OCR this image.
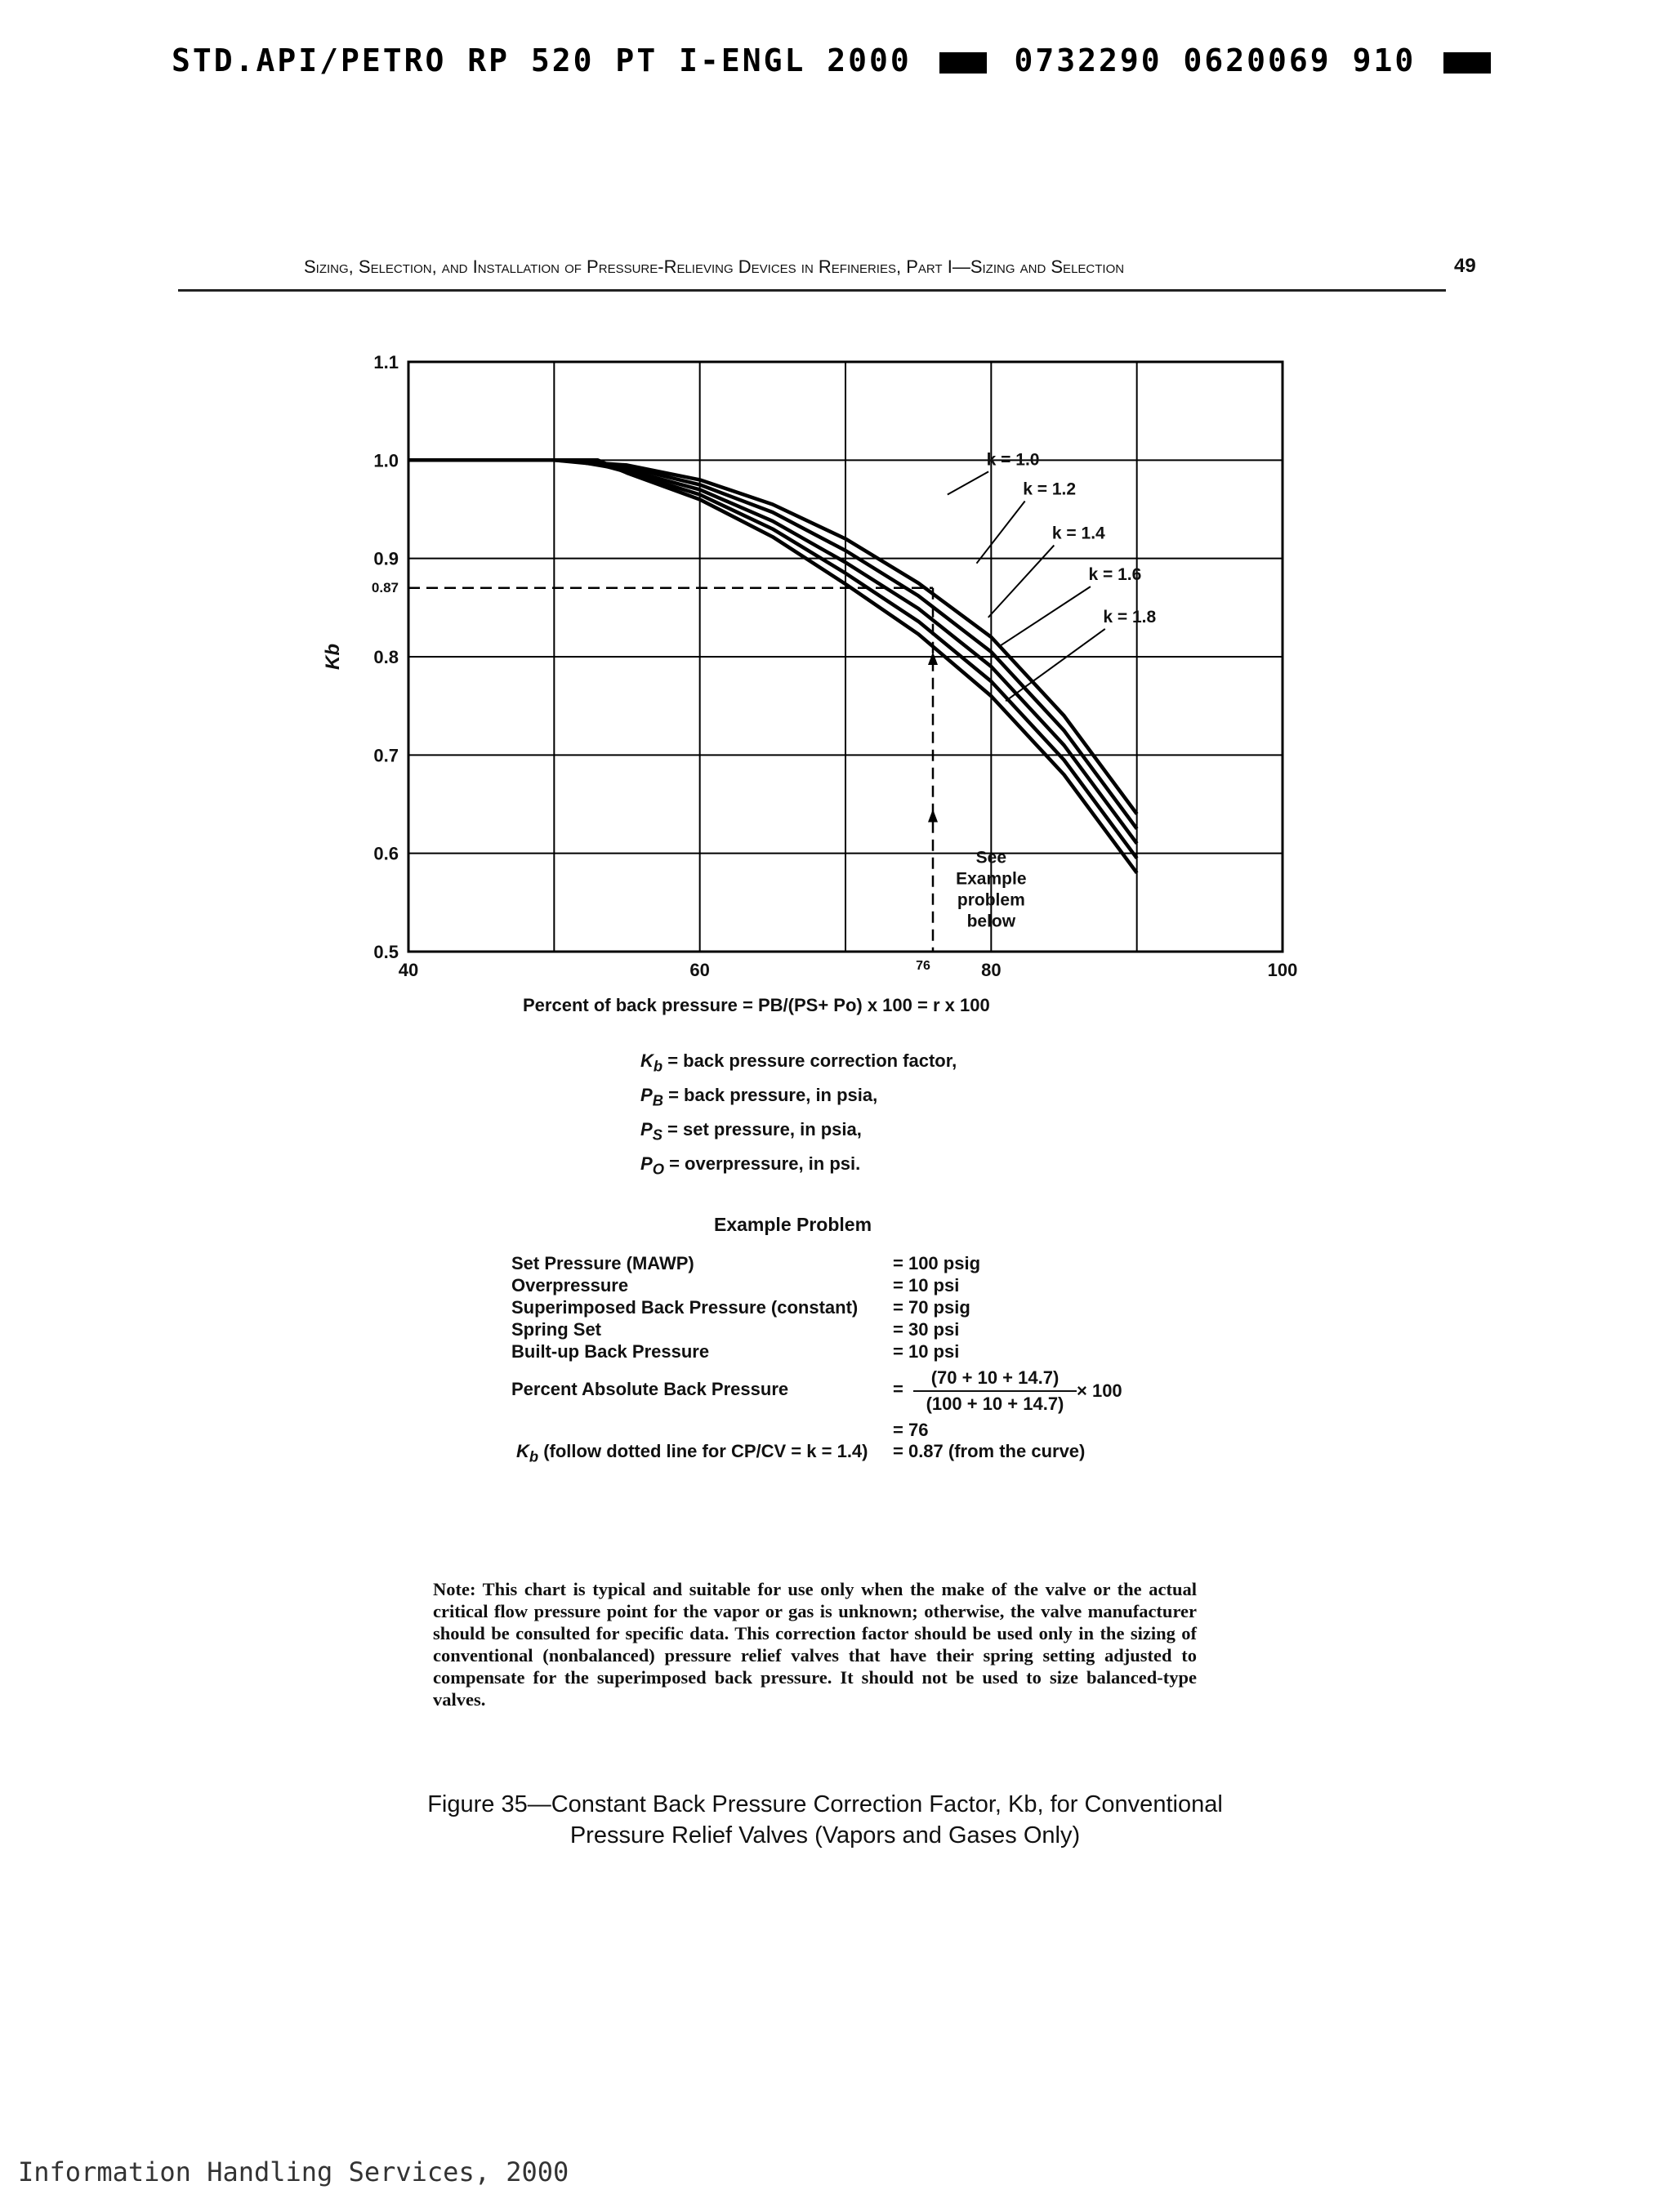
STD.API/PETRO RP 520 PT I-ENGL 2000	0732290 0620069 910
Sizing, Selection, and Installation of Pressure-Relieving Devices in Refineries, Part I—Sizing and Selection	49
0.5
0.6
0.7
0.8
0.87
0.9
1.0
1.1
40	60	76	80	100
Kb
k = 1.0
k = 1.2
k = 1.4
k = 1.6
k = 1.8
See
Example
problem
below
Percent of back pressure = PB/(PS+ Po) x 100 = r x 100
$K_b$ = back pressure correction factor,
$P_B$ = back pressure, in psia,
$P_S$ = set pressure, in psia,
$P_O$ = overpressure, in psi.
Example Problem
Set Pressure (MAWP)	= 100 psig
Overpressure	= 10 psi
Superimposed Back Pressure (constant) = 70 psig
Spring Set	= 30 psi
Built-up Back Pressure	= 10 psi
Percent Absolute Back Pressure	=
(70 + 10 + 14.7)
(100 + 10 + 14.7)
× 100
= 76
$K_b$ (follow dotted line for CP/CV = k = 1.4) = 0.87 (from the curve)
Note: This chart is typical and suitable for use only when the make of the valve or the actual critical flow pressure point for the vapor or gas is unknown; otherwise, the valve manufacturer should be consulted for specific data. This correction factor should be used only in the sizing of conventional (nonbalanced) pressure relief valves that have their spring setting adjusted to compensate for the superimposed back pressure. It should not be used to size balanced-type valves.
Figure 35—Constant Back Pressure Correction Factor, Kb, for Conventional
Pressure Relief Valves (Vapors and Gases Only)
Information Handling Services, 2000
